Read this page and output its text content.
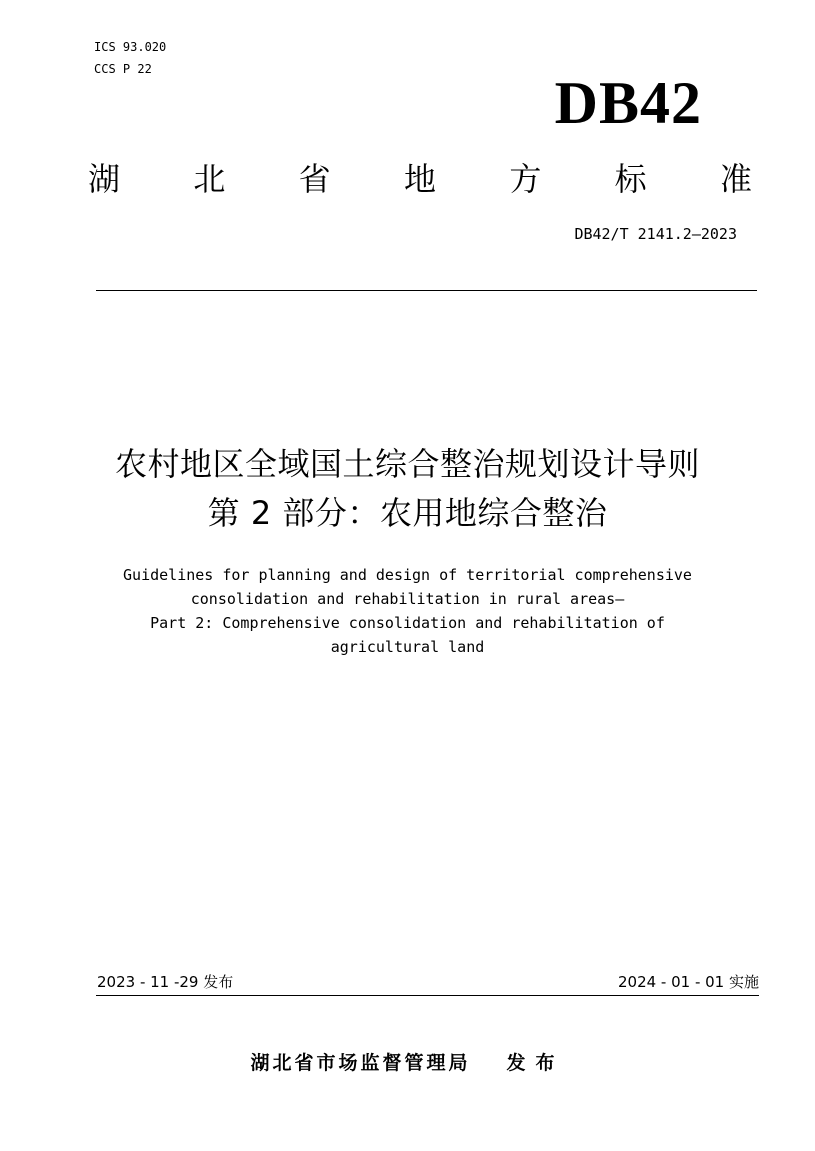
ICS 93.020
CCS P 22
DB42
湖 北 省 地 方 标 准
DB42/T 2141.2—2023
农村地区全域国土综合整治规划设计导则
第 2 部分：农用地综合整治
Guidelines for planning and design of territorial comprehensive
consolidation and rehabilitation in rural areas—
Part 2: Comprehensive consolidation and rehabilitation of
agricultural land
2023 - 11 -29 发布	2024 - 01 - 01 实施
湖北省市场监督管理局 发布
